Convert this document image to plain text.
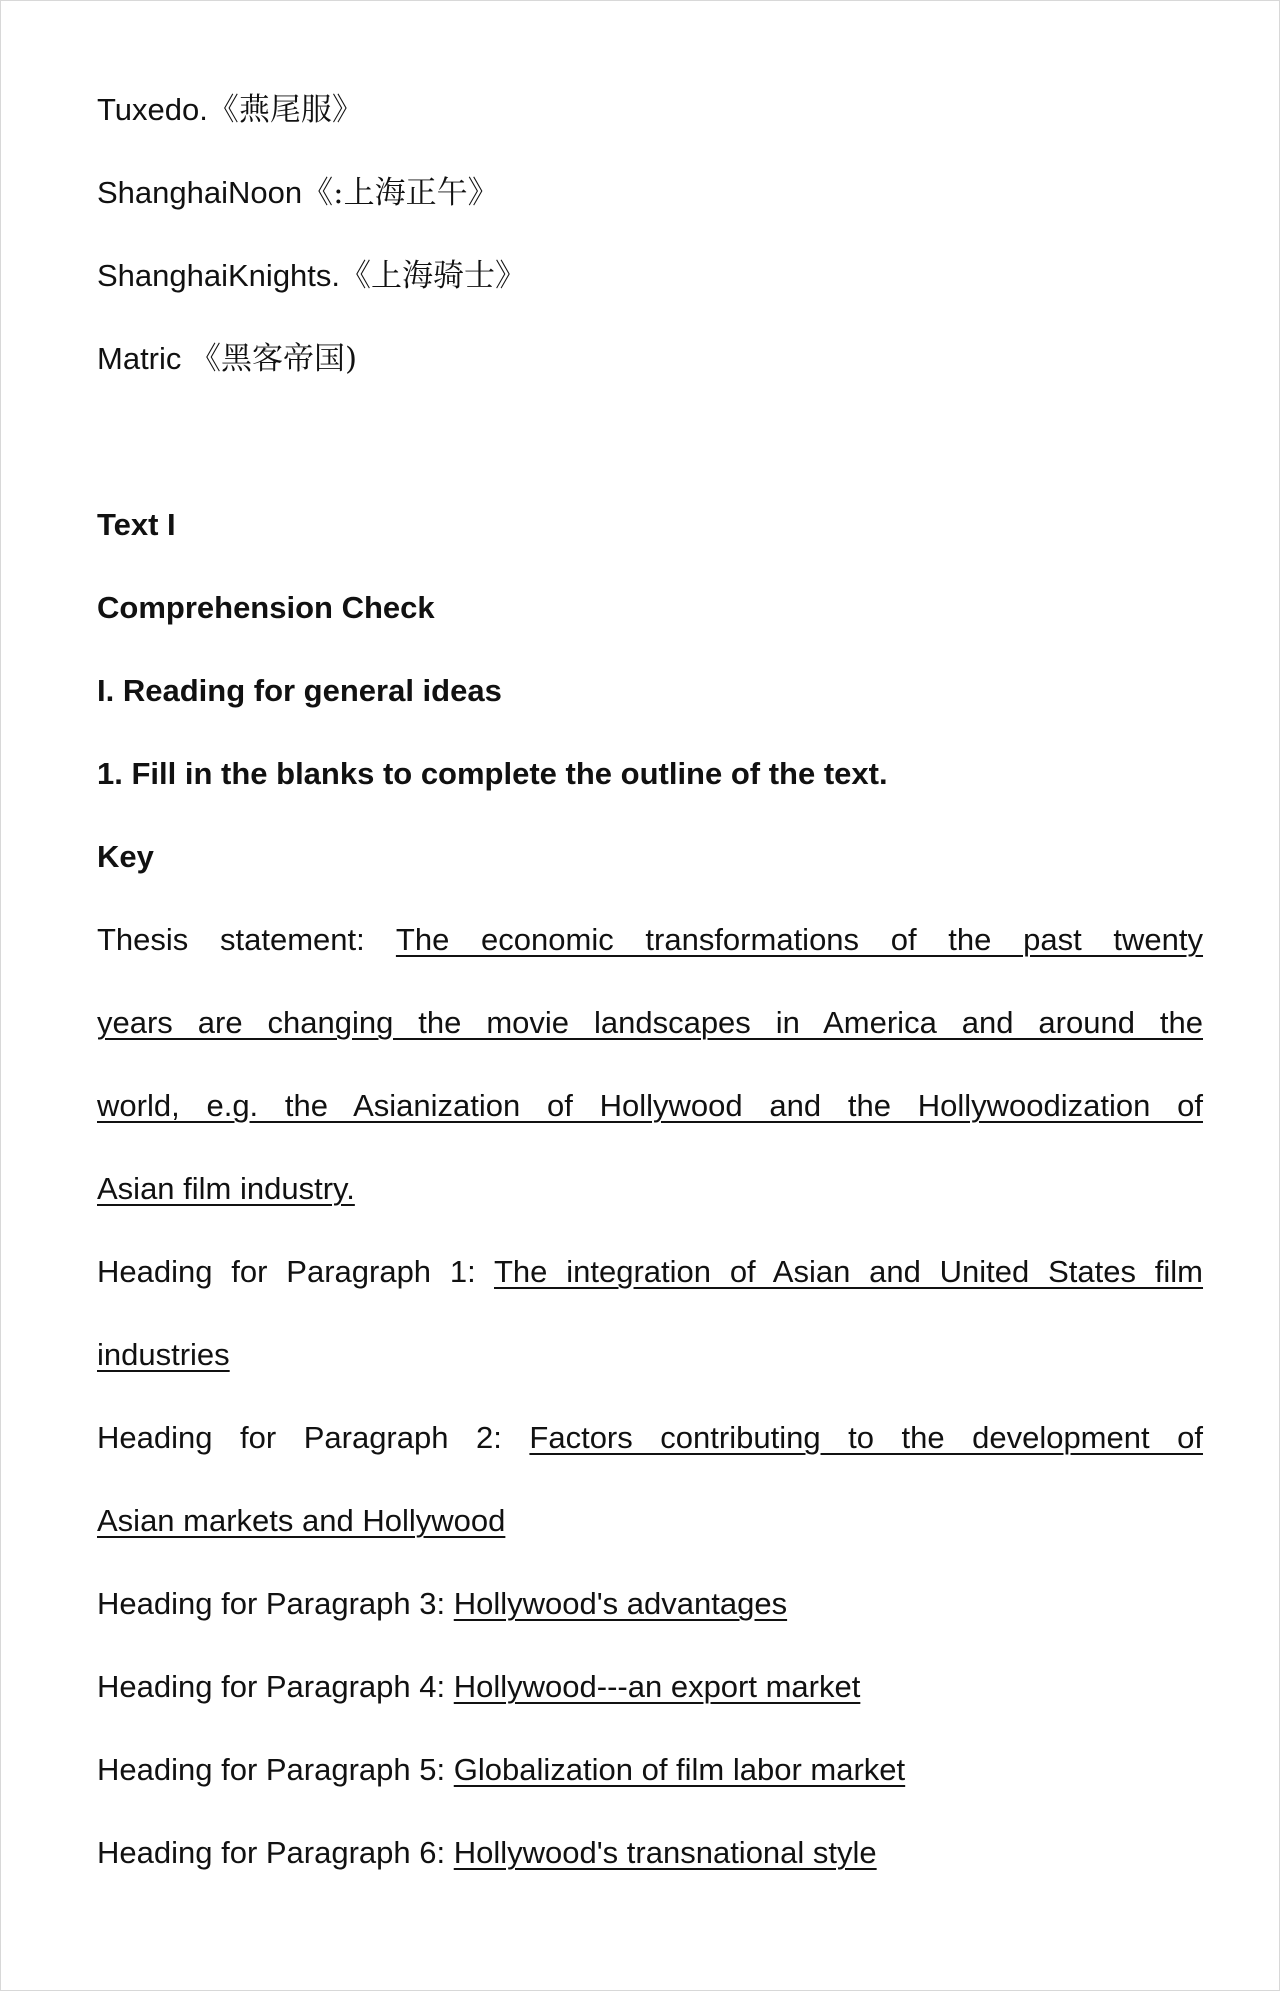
Tuxedo.《燕尾服》
ShanghaiNoon《:上海正午》
ShanghaiKnights.《上海骑士》
Matric 《黑客帝国)
Text I
Comprehension Check
I. Reading for general ideas
1. Fill in the blanks to complete the outline of the text.
Key
Thesis statement: The economic transformations of the past twenty
years are changing the movie landscapes in America and around the
world, e.g. the Asianization of Hollywood and the Hollywoodization of
Asian film industry.
Heading for Paragraph 1: The integration of Asian and United States film
industries
Heading for Paragraph 2: Factors contributing to the development of
Asian markets and Hollywood
Heading for Paragraph 3: Hollywood's advantages
Heading for Paragraph 4: Hollywood---an export market
Heading for Paragraph 5: Globalization of film labor market
Heading for Paragraph 6: Hollywood's transnational style
